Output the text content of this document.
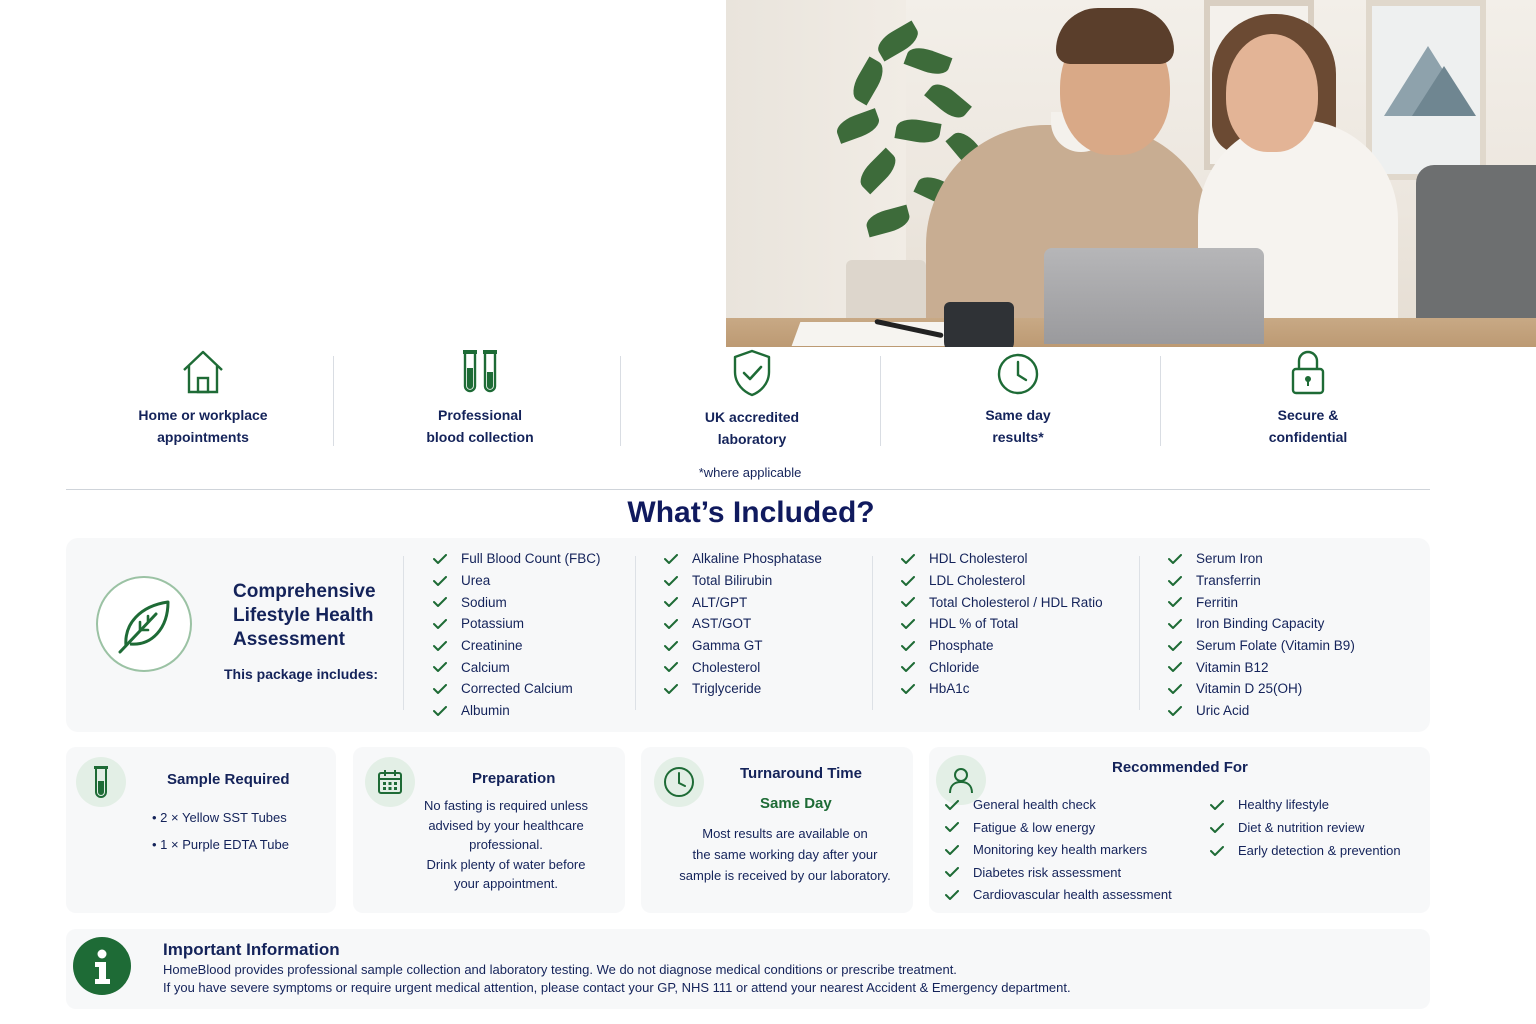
Home or workplace
appointments
Professional
blood collection
UK accredited
laboratory
Same day
results*
Secure &
confidential
*where applicable
What’s Included?
Comprehensive
Lifestyle Health
Assessment
This package includes:
Full Blood Count (FBC)
Urea
Sodium
Potassium
Creatinine
Calcium
Corrected Calcium
Albumin
Alkaline Phosphatase
Total Bilirubin
ALT/GPT
AST/GOT
Gamma GT
Cholesterol
Triglyceride
HDL Cholesterol
LDL Cholesterol
Total Cholesterol / HDL Ratio
HDL % of Total
Phosphate
Chloride
HbA1c
Serum Iron
Transferrin
Ferritin
Iron Binding Capacity
Serum Folate (Vitamin B9)
Vitamin B12
Vitamin D 25(OH)
Uric Acid
Sample Required
• 2 × Yellow SST Tubes
• 1 × Purple EDTA Tube
Preparation
No fasting is required unless
advised by your healthcare
professional.
Drink plenty of water before
your appointment.
Turnaround Time
Same Day
Most results are available on
the same working day after your
sample is received by our laboratory.
Recommended For
General health check
Fatigue & low energy
Monitoring key health markers
Diabetes risk assessment
Cardiovascular health assessment
Healthy lifestyle
Diet & nutrition review
Early detection & prevention
Important Information
HomeBlood provides professional sample collection and laboratory testing. We do not diagnose medical conditions or prescribe treatment.
If you have severe symptoms or require urgent medical attention, please contact your GP, NHS 111 or attend your nearest Accident & Emergency department.
